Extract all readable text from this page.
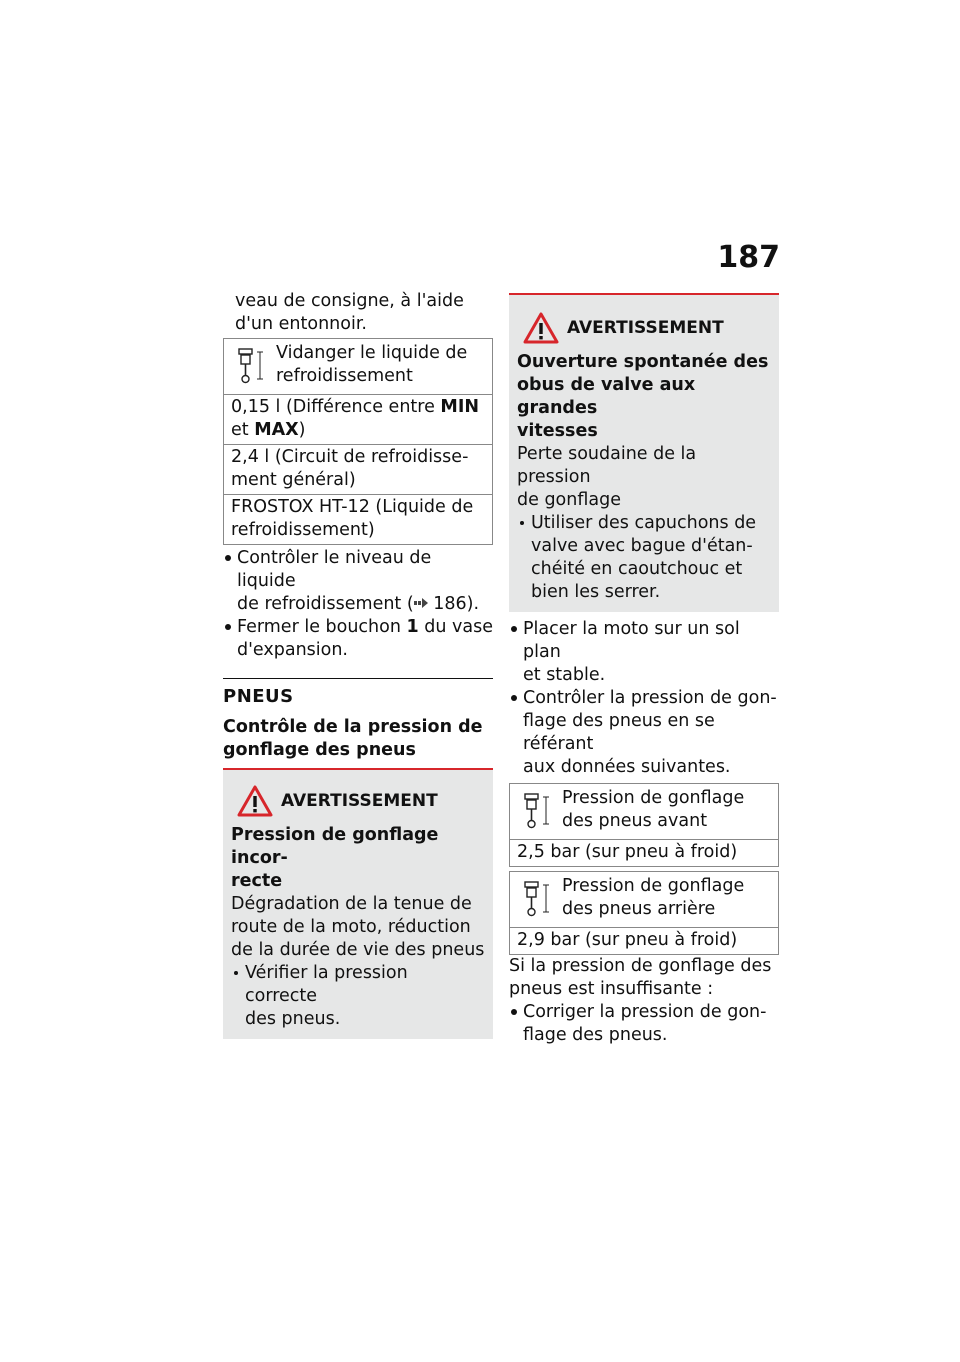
187

veau de consigne, à l'aide

d'un entonnoir.

Vidanger le liquide de

refroidissement

0,15 l (Différence entre MIN

et MAX)

2,4 l (Circuit de refroidisse-

ment général)

FROSTOX HT-12 (Liquide de

refroidissement)

Contrôler le niveau de liquide

de refroidissement ( 186).

Fermer le bouchon 1 du vase

d'expansion.

PNEUS

Contrôle de la pression de

gonflage des pneus

AVERTISSEMENT

Pression de gonflage incor-

recte

Dégradation de la tenue de

route de la moto, réduction

de la durée de vie des pneus

Vérifier la pression correcte

des pneus.

AVERTISSEMENT

Ouverture spontanée des

obus de valve aux grandes

vitesses

Perte soudaine de la pression

de gonflage

Utiliser des capuchons de

valve avec bague d'étan-

chéité en caoutchouc et

bien les serrer.

Placer la moto sur un sol plan

et stable.

Contrôler la pression de gon-

flage des pneus en se référant

aux données suivantes.

Pression de gonflage

des pneus avant

2,5 bar (sur pneu à froid)

Pression de gonflage

des pneus arrière

2,9 bar (sur pneu à froid)

Si la pression de gonflage des

pneus est insuffisante :

Corriger la pression de gon-

flage des pneus.
